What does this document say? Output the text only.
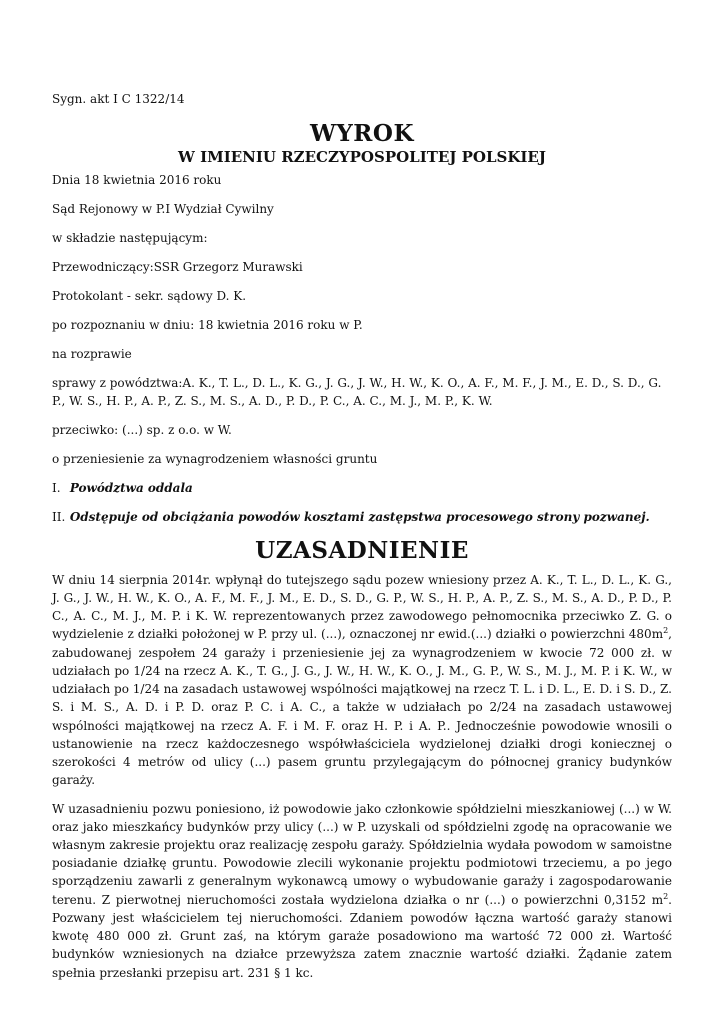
Sygn. akt I C 1322/14

WYROK
W IMIENIU RZECZYPOSPOLITEJ POLSKIEJ

Dnia 18 kwietnia 2016 roku

Sąd Rejonowy w P.I Wydział Cywilny

w składzie następującym:

Przewodniczący:SSR Grzegorz Murawski

Protokolant - sekr. sądowy D. K.

po rozpoznaniu w dniu: 18 kwietnia 2016 roku w P.

na rozprawie

sprawy z powództwa:A. K., T. L., D. L., K. G., J. G., J. W., H. W., K. O., A. F., M. F., J. M., E. D., S. D., G. P., W. S., H. P., A. P., Z. S., M. S., A. D., P. D., P. C., A. C., M. J., M. P., K. W.

przeciwko: (...) sp. z o.o. w W.

o przeniesienie za wynagrodzeniem własności gruntu

I. Powództwa oddala

II. Odstępuje od obciążania powodów kosztami zastępstwa procesowego strony pozwanej.

UZASADNIENIE

W dniu 14 sierpnia 2014r. wpłynął do tutejszego sądu pozew wniesiony przez A. K., T. L., D. L., K. G., J. G., J. W., H. W., K. O., A. F., M. F., J. M., E. D., S. D., G. P., W. S., H. P., A. P., Z. S., M. S., A. D., P. D., P. C., A. C., M. J., M. P. i K. W. reprezentowanych przez zawodowego pełnomocnika przeciwko Z. G. o wydzielenie z działki położonej w P. przy ul. (...), oznaczonej nr ewid.(...) działki o powierzchni $480m^2$, zabudowanej zespołem 24 garaży i przeniesienie jej za wynagrodzeniem w kwocie 72 000 zł. w udziałach po 1/24 na rzecz A. K., T. G., J. G., J. W., H. W., K. O., J. M., G. P., W. S., M. J., M. P. i K. W., w udziałach po 1/24 na zasadach ustawowej wspólności majątkowej na rzecz T. L. i D. L., E. D. i S. D., Z. S. i M. S., A. D. i P. D. oraz P. C. i A. C., a także w udziałach po 2/24 na zasadach ustawowej wspólności majątkowej na rzecz A. F. i M. F. oraz H. P. i A. P.. Jednocześnie powodowie wnosili o ustanowienie na rzecz każdoczesnego współwłaściciela wydzielonej działki drogi koniecznej o szerokości 4 metrów od ulicy (...) pasem gruntu przylegającym do północnej granicy budynków garaży.

W uzasadnieniu pozwu poniesiono, iż powodowie jako członkowie spółdzielni mieszkaniowej (...) w W. oraz jako mieszkańcy budynków przy ulicy (...) w P. uzyskali od spółdzielni zgodę na opracowanie we własnym zakresie projektu oraz realizację zespołu garaży. Spółdzielnia wydała powodom w samoistne posiadanie działkę gruntu. Powodowie zlecili wykonanie projektu podmiotowi trzeciemu, a po jego sporządzeniu zawarli z generalnym wykonawcą umowy o wybudowanie garaży i zagospodarowanie terenu. Z pierwotnej nieruchomości została wydzielona działka o nr (...) o powierzchni 0,3152 $m^2$. Pozwany jest właścicielem tej nieruchomości. Zdaniem powodów łączna wartość garaży stanowi kwotę 480 000 zł. Grunt zaś, na którym garaże posadowiono ma wartość 72 000 zł. Wartość budynków wzniesionych na działce przewyższa zatem znacznie wartość działki. Żądanie zatem spełnia przesłanki przepisu art. 231 § 1 kc.
